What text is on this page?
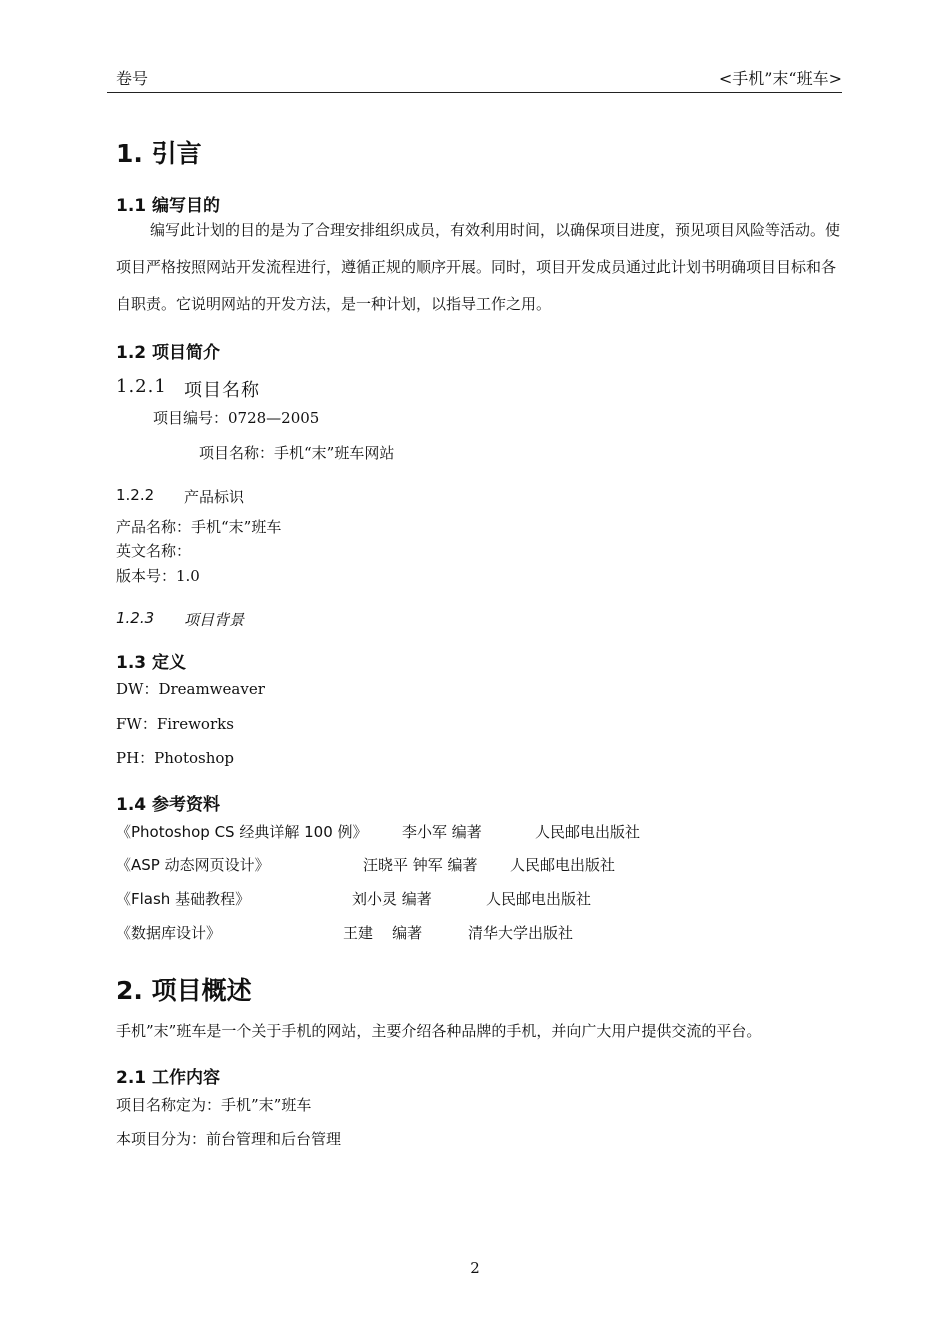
卷号	<手机”末“班车>
1. 引言
1.1 编写目的
编写此计划的目的是为了合理安排组织成员，有效利用时间，以确保项目进度，预见项目风险等活动。使项目严格按照网站开发流程进行，遵循正规的顺序开展。同时，项目开发成员通过此计划书明确项目目标和各自职责。它说明网站的开发方法，是一种计划，以指导工作之用。
1.2 项目简介
1.2.1 项目名称
项目编号：0728—2005
项目名称：手机“末”班车网站
1.2.2 产品标识
产品名称：手机“末”班车
英文名称：
版本号：1.0
1.2.3 项目背景
1.3 定义
DW：Dreamweaver
FW：Fireworks
PH：Photoshop
1.4 参考资料
《Photoshop CS 经典详解 100 例》 李小军 编著	人民邮电出版社
《ASP 动态网页设计》	汪晓平 钟军 编著 人民邮电出版社
《Flash 基础教程》	刘小灵 编著	人民邮电出版社
《数据库设计》	王建    编著	清华大学出版社
2. 项目概述
手机”末”班车是一个关于手机的网站，主要介绍各种品牌的手机，并向广大用户提供交流的平台。
2.1 工作内容
项目名称定为：手机”末”班车
本项目分为：前台管理和后台管理
2
